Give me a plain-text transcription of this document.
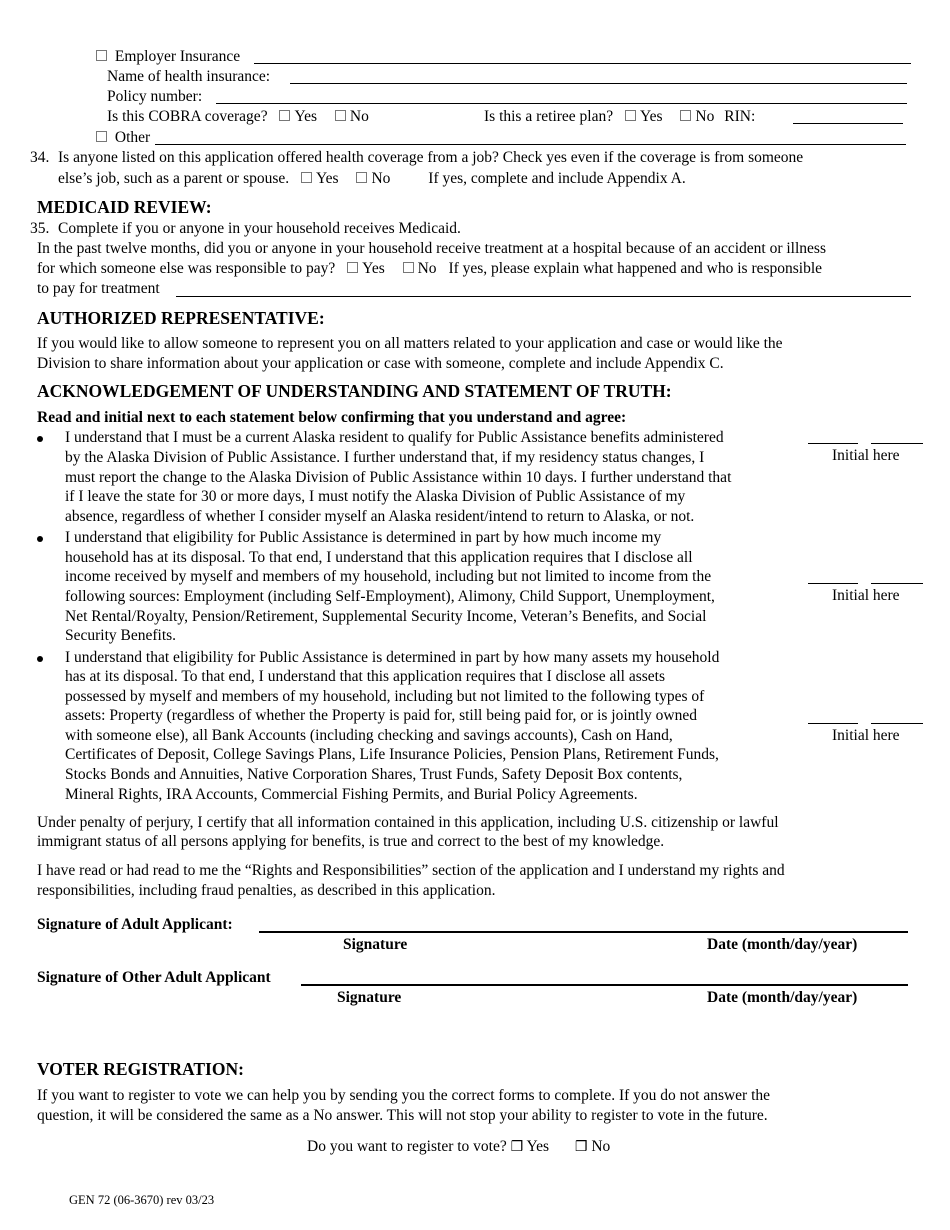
Employer Insurance
Name of health insurance:
Policy number:
Is this COBRA coverage? Yes No	Is this a retiree plan? Yes No RIN:
Other
34. Is anyone listed on this application offered health coverage from a job? Check yes even if the coverage is from someone
else’s job, such as a parent or spouse. Yes No If yes, complete and include Appendix A.
MEDICAID REVIEW:
35. Complete if you or anyone in your household receives Medicaid.
In the past twelve months, did you or anyone in your household receive treatment at a hospital because of an accident or illness
for which someone else was responsible to pay? Yes No If yes, please explain what happened and who is responsible
to pay for treatment
AUTHORIZED REPRESENTATIVE:
If you would like to allow someone to represent you on all matters related to your application and case or would like the
Division to share information about your application or case with someone, complete and include Appendix C.
ACKNOWLEDGEMENT OF UNDERSTANDING AND STATEMENT OF TRUTH:
Read and initial next to each statement below confirming that you understand and agree:
I understand that I must be a current Alaska resident to qualify for Public Assistance benefits administered
by the Alaska Division of Public Assistance. I further understand that, if my residency status changes, I
must report the change to the Alaska Division of Public Assistance within 10 days. I further understand that
if I leave the state for 30 or more days, I must notify the Alaska Division of Public Assistance of my
absence, regardless of whether I consider myself an Alaska resident/intend to return to Alaska, or not.
Initial here
I understand that eligibility for Public Assistance is determined in part by how much income my
household has at its disposal. To that end, I understand that this application requires that I disclose all
income received by myself and members of my household, including but not limited to income from the
following sources: Employment (including Self-Employment), Alimony, Child Support, Unemployment,
Net Rental/Royalty, Pension/Retirement, Supplemental Security Income, Veteran’s Benefits, and Social
Security Benefits.
Initial here
I understand that eligibility for Public Assistance is determined in part by how many assets my household
has at its disposal. To that end, I understand that this application requires that I disclose all assets
possessed by myself and members of my household, including but not limited to the following types of
assets: Property (regardless of whether the Property is paid for, still being paid for, or is jointly owned
with someone else), all Bank Accounts (including checking and savings accounts), Cash on Hand,
Certificates of Deposit, College Savings Plans, Life Insurance Policies, Pension Plans, Retirement Funds,
Stocks Bonds and Annuities, Native Corporation Shares, Trust Funds, Safety Deposit Box contents,
Mineral Rights, IRA Accounts, Commercial Fishing Permits, and Burial Policy Agreements.
Initial here
Under penalty of perjury, I certify that all information contained in this application, including U.S. citizenship or lawful
immigrant status of all persons applying for benefits, is true and correct to the best of my knowledge.
I have read or had read to me the “Rights and Responsibilities” section of the application and I understand my rights and
responsibilities, including fraud penalties, as described in this application.
Signature of Adult Applicant:
Signature	Date (month/day/year)
Signature of Other Adult Applicant
Signature	Date (month/day/year)
VOTER REGISTRATION:
If you want to register to vote we can help you by sending you the correct forms to complete. If you do not answer the
question, it will be considered the same as a No answer. This will not stop your ability to register to vote in the future.
Do you want to register to vote? ❒ Yes ❒ No
GEN 72 (06-3670) rev 03/23
